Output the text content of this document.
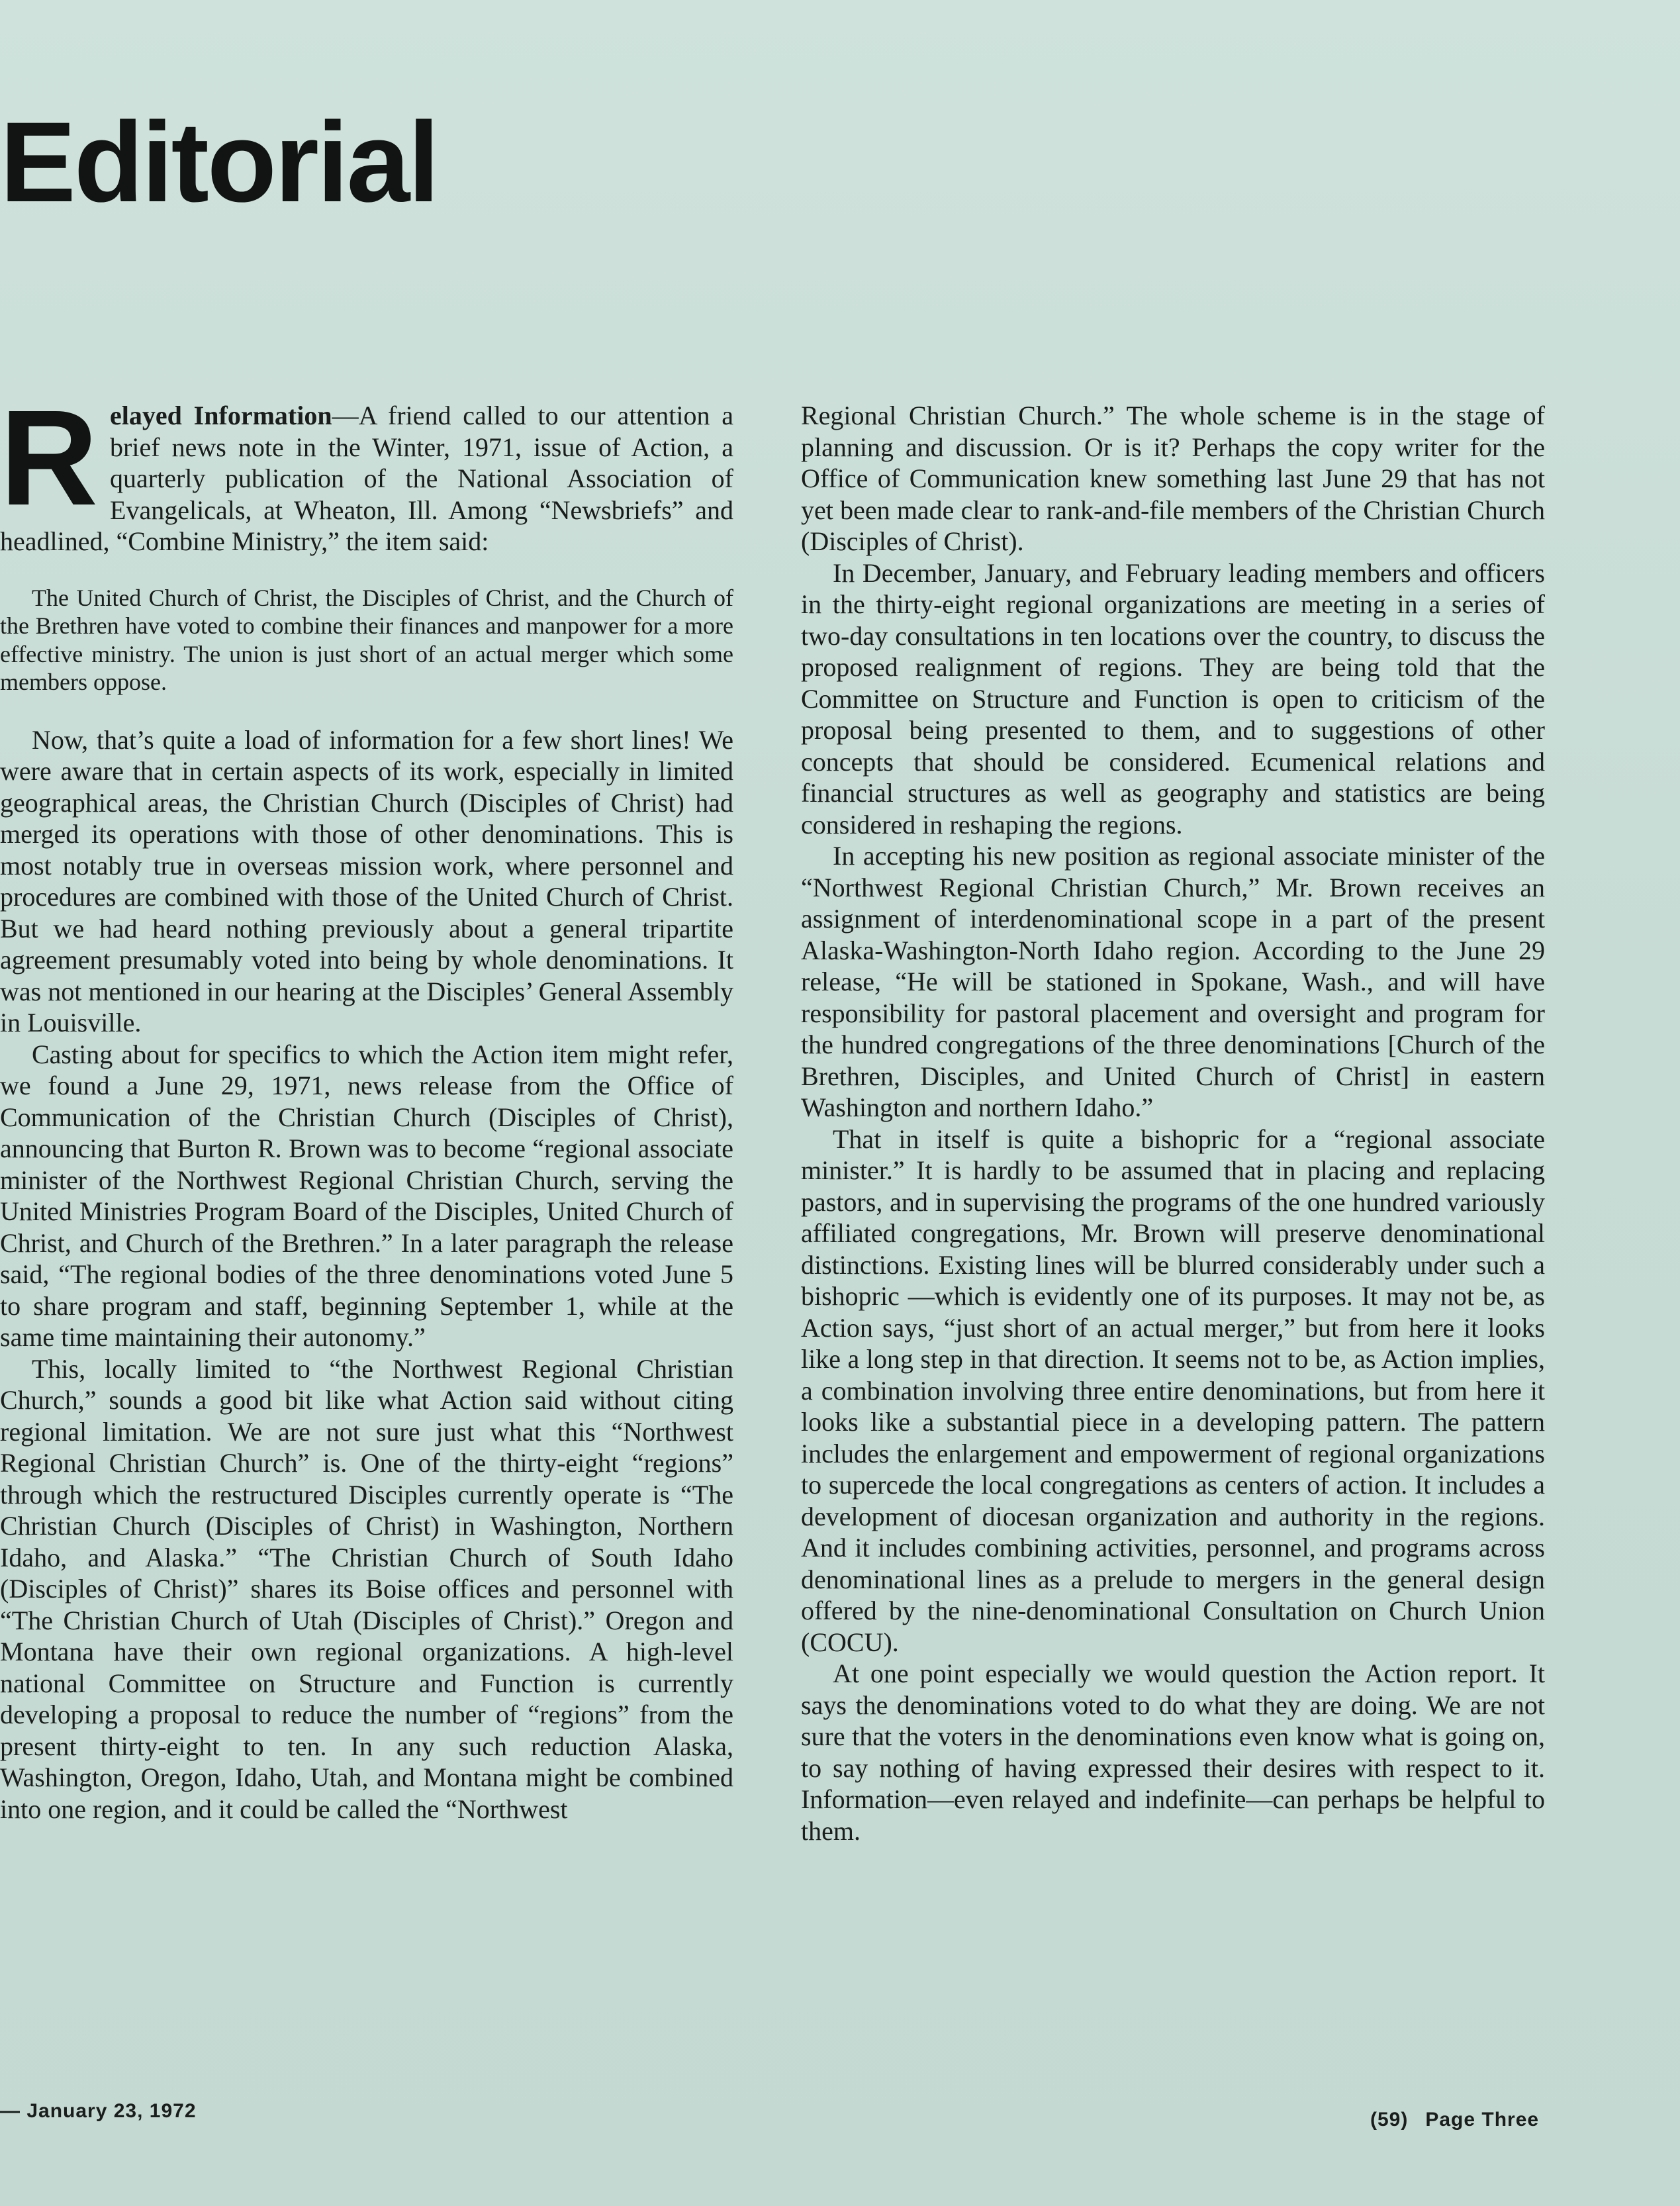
Editorial

Relayed Information—A friend called to our attention a brief news note in the Winter, 1971, issue of Action, a quarterly publication of the National Association of Evangelicals, at Wheaton, Ill. Among “Newsbriefs” and headlined, “Combine Ministry,” the item said:

The United Church of Christ, the Disciples of Christ, and the Church of the Brethren have voted to combine their finances and manpower for a more effective ministry. The union is just short of an actual merger which some members oppose.

Now, that’s quite a load of information for a few short lines! We were aware that in certain aspects of its work, especially in limited geographical areas, the Christian Church (Disciples of Christ) had merged its operations with those of other denominations. This is most notably true in overseas mission work, where personnel and procedures are combined with those of the United Church of Christ. But we had heard nothing previously about a general tripartite agreement presumably voted into being by whole denominations. It was not mentioned in our hearing at the Disciples’ General Assembly in Louisville.

Casting about for specifics to which the Action item might refer, we found a June 29, 1971, news release from the Office of Communication of the Christian Church (Disciples of Christ), announcing that Burton R. Brown was to become “regional associate minister of the Northwest Regional Christian Church, serving the United Ministries Program Board of the Disciples, United Church of Christ, and Church of the Brethren.” In a later paragraph the release said, “The regional bodies of the three denominations voted June 5 to share program and staff, beginning September 1, while at the same time maintaining their autonomy.”

This, locally limited to “the Northwest Regional Christian Church,” sounds a good bit like what Action said without citing regional limitation. We are not sure just what this “Northwest Regional Christian Church” is. One of the thirty-eight “regions” through which the restructured Disciples currently operate is “The Christian Church (Disciples of Christ) in Washington, Northern Idaho, and Alaska.” “The Christian Church of South Idaho (Disciples of Christ)” shares its Boise offices and personnel with “The Christian Church of Utah (Disciples of Christ).” Oregon and Montana have their own regional organizations. A high-level national Committee on Structure and Function is currently developing a proposal to reduce the number of “regions” from the present thirty-eight to ten. In any such reduction Alaska, Washington, Oregon, Idaho, Utah, and Montana might be combined into one region, and it could be called the “Northwest

Regional Christian Church.” The whole scheme is in the stage of planning and discussion. Or is it? Perhaps the copy writer for the Office of Communication knew something last June 29 that has not yet been made clear to rank-and-file members of the Christian Church (Disciples of Christ).

In December, January, and February leading members and officers in the thirty-eight regional organizations are meeting in a series of two-day consultations in ten locations over the country, to discuss the proposed realignment of regions. They are being told that the Committee on Structure and Function is open to criticism of the proposal being presented to them, and to suggestions of other concepts that should be considered. Ecumenical relations and financial structures as well as geography and statistics are being considered in reshaping the regions.

In accepting his new position as regional associate minister of the “Northwest Regional Christian Church,” Mr. Brown receives an assignment of interdenominational scope in a part of the present Alaska-Washington-North Idaho region. According to the June 29 release, “He will be stationed in Spokane, Wash., and will have responsibility for pastoral placement and oversight and program for the hundred congregations of the three denominations [Church of the Brethren, Disciples, and United Church of Christ] in eastern Washington and northern Idaho.”

That in itself is quite a bishopric for a “regional associate minister.” It is hardly to be assumed that in placing and replacing pastors, and in supervising the programs of the one hundred variously affiliated congregations, Mr. Brown will preserve denominational distinctions. Existing lines will be blurred considerably under such a bishopric —which is evidently one of its purposes. It may not be, as Action says, “just short of an actual merger,” but from here it looks like a long step in that direction. It seems not to be, as Action implies, a combination involving three entire denominations, but from here it looks like a substantial piece in a developing pattern. The pattern includes the enlargement and empowerment of regional organizations to supercede the local congregations as centers of action. It includes a development of diocesan organization and authority in the regions. And it includes combining activities, personnel, and programs across denominational lines as a prelude to mergers in the general design offered by the nine-denominational Consultation on Church Union (COCU).

At one point especially we would question the Action report. It says the denominations voted to do what they are doing. We are not sure that the voters in the denominations even know what is going on, to say nothing of having expressed their desires with respect to it. Information—even relayed and indefinite—can perhaps be helpful to them.

— January 23, 1972	(59) Page Three
